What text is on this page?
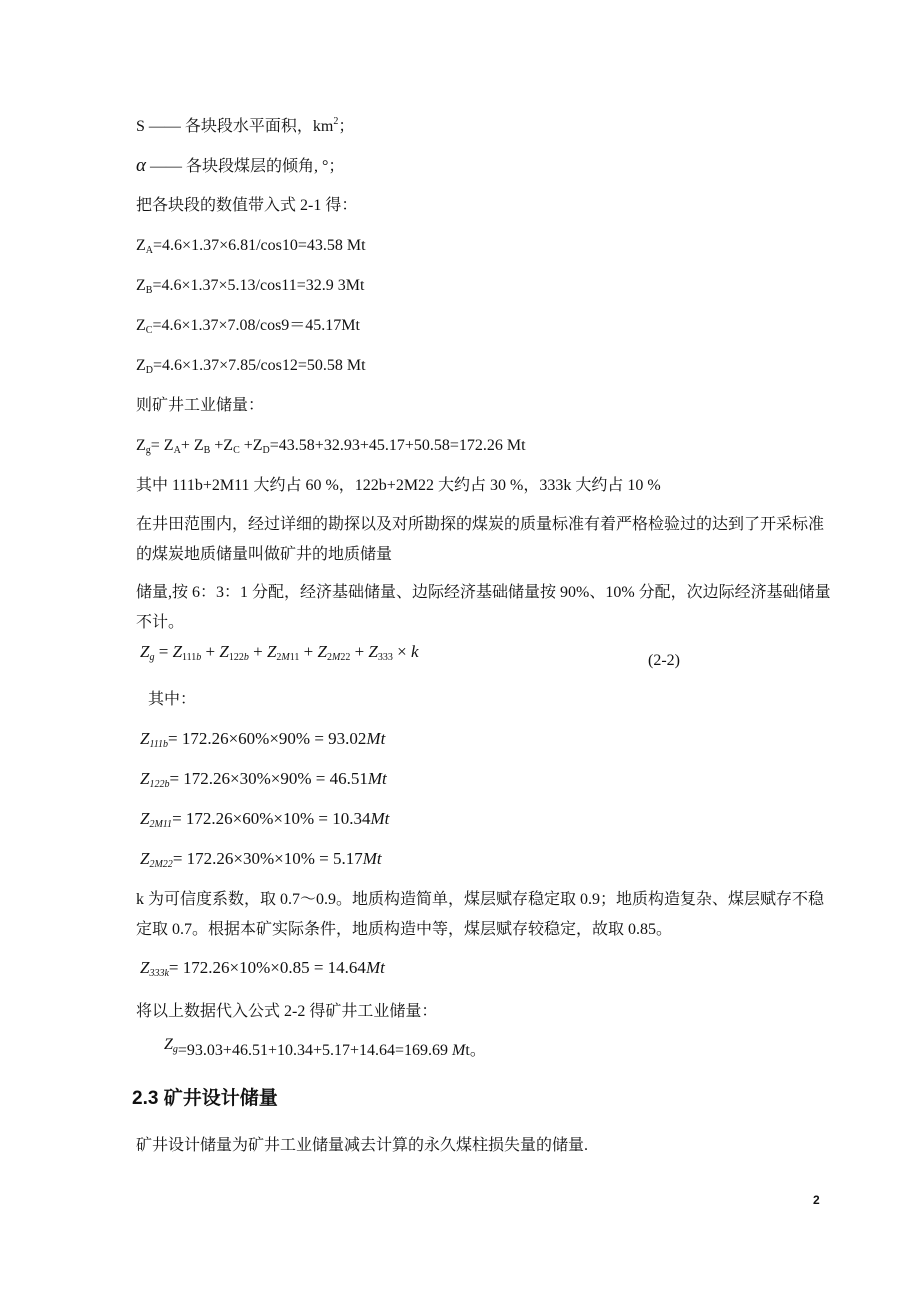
S —— 各块段水平面积，$km^2$；
α —— 各块段煤层的倾角, °；
把各块段的数值带入式 2-1 得：
$Z_A=4.6\times 1.37\times 6.81/\cos 10=43.58$ Mt
$Z_B=4.6\times 1.37\times 5.13/\cos 11=32.9$ 3Mt
$Z_C=4.6\times 1.37\times 7.08/\cos 9=45.17Mt$
$Z_D=4.6\times 1.37\times 7.85/\cos 12=50.58$ Mt
则矿井工业储量：
$Z_g= Z_A+ Z_B +Z_C +Z_D=43.58+32.93+45.17+50.58=172.26$ Mt
其中 111b+2M11 大约占 60 %，122b+2M22 大约占 30 %，333k 大约占 10 %
在井田范围内，经过详细的勘探以及对所勘探的煤炭的质量标准有着严格检验过的达到了开采标准的煤炭地质储量叫做矿井的地质储量
储量,按 6：3：1 分配，经济基础储量、边际经济基础储量按 90%、10% 分配，次边际经济基础储量不计。
$Z_g = Z_{111b} + Z_{122b} + Z_{2M11} + Z_{2M22} + Z_{333} \times k$	(2-2)
其中：
$Z_{111b}= 172.26\times 60\%\times 90\% = 93.02Mt$
$Z_{122b}= 172.26\times 30\%\times 90\% = 46.51Mt$
$Z_{2M11}= 172.26\times 60\%\times 10\% = 10.34Mt$
$Z_{2M22}= 172.26\times 30\%\times 10\% = 5.17Mt$
k 为可信度系数，取 0.7～0.9。地质构造简单，煤层赋存稳定取 0.9；地质构造复杂、煤层赋存不稳定取 0.7。根据本矿实际条件，地质构造中等，煤层赋存较稳定，故取 0.85。
$Z_{333k}= 172.26\times 10\%\times 0.85 = 14.64Mt$
将以上数据代入公式 2-2 得矿井工业储量：
$Z_g=93.03+46.51+10.34+5.17+14.64=169.69$ Mt。
2.3 矿井设计储量
矿井设计储量为矿井工业储量减去计算的永久煤柱损失量的储量.
2
